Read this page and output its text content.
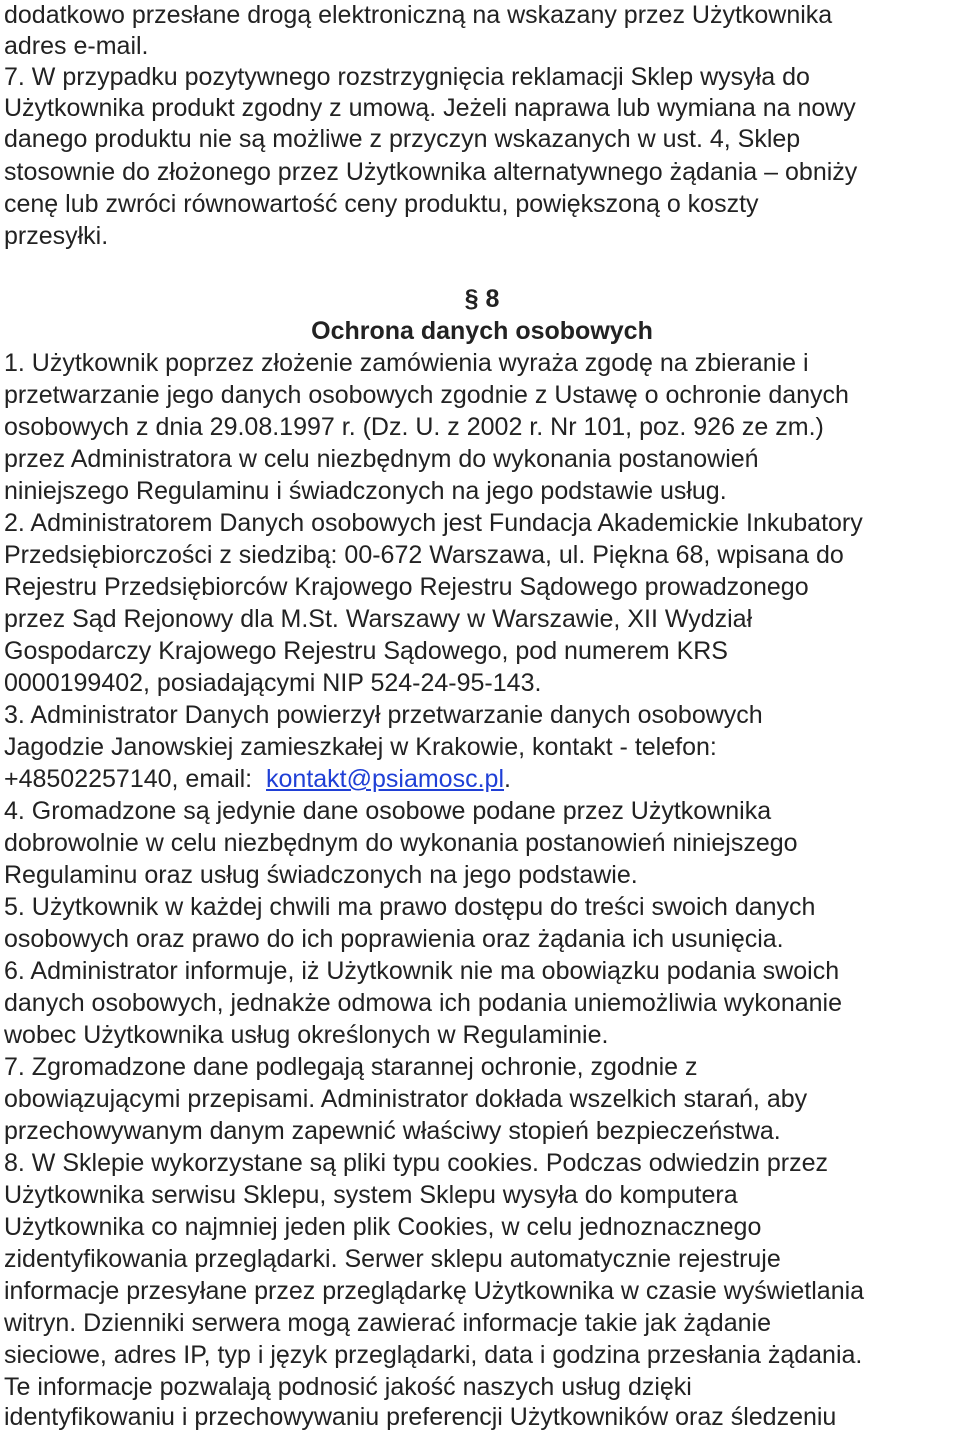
dodatkowo przesłane drogą elektroniczną na wskazany przez Użytkownika
adres e-mail.
7. W przypadku pozytywnego rozstrzygnięcia reklamacji Sklep wysyła do
Użytkownika produkt zgodny z umową. Jeżeli naprawa lub wymiana na nowy
danego produktu nie są możliwe z przyczyn wskazanych w ust. 4, Sklep
stosownie do złożonego przez Użytkownika alternatywnego żądania – obniży
cenę lub zwróci równowartość ceny produktu, powiększoną o koszty
przesyłki.
§ 8
Ochrona danych osobowych
1. Użytkownik poprzez złożenie zamówienia wyraża zgodę na zbieranie i
przetwarzanie jego danych osobowych zgodnie z Ustawę o ochronie danych
osobowych z dnia 29.08.1997 r. (Dz. U. z 2002 r. Nr 101, poz. 926 ze zm.)
przez Administratora w celu niezbędnym do wykonania postanowień
niniejszego Regulaminu i świadczonych na jego podstawie usług.
2. Administratorem Danych osobowych jest Fundacja Akademickie Inkubatory
Przedsiębiorczości z siedzibą: 00-672 Warszawa, ul. Piękna 68, wpisana do
Rejestru Przedsiębiorców Krajowego Rejestru Sądowego prowadzonego
przez Sąd Rejonowy dla M.St. Warszawy w Warszawie, XII Wydział
Gospodarczy Krajowego Rejestru Sądowego, pod numerem KRS
0000199402, posiadającymi NIP 524-24-95-143.
3. Administrator Danych powierzył przetwarzanie danych osobowych
Jagodzie Janowskiej zamieszkałej w Krakowie, kontakt - telefon:
+48502257140, email:  kontakt@psiamosc.pl.
4. Gromadzone są jedynie dane osobowe podane przez Użytkownika
dobrowolnie w celu niezbędnym do wykonania postanowień niniejszego
Regulaminu oraz usług świadczonych na jego podstawie.
5. Użytkownik w każdej chwili ma prawo dostępu do treści swoich danych
osobowych oraz prawo do ich poprawienia oraz żądania ich usunięcia.
6. Administrator informuje, iż Użytkownik nie ma obowiązku podania swoich
danych osobowych, jednakże odmowa ich podania uniemożliwia wykonanie
wobec Użytkownika usług określonych w Regulaminie.
7. Zgromadzone dane podlegają starannej ochronie, zgodnie z
obowiązującymi przepisami. Administrator dokłada wszelkich starań, aby
przechowywanym danym zapewnić właściwy stopień bezpieczeństwa.
8. W Sklepie wykorzystane są pliki typu cookies. Podczas odwiedzin przez
Użytkownika serwisu Sklepu, system Sklepu wysyła do komputera
Użytkownika co najmniej jeden plik Cookies, w celu jednoznacznego
zidentyfikowania przeglądarki. Serwer sklepu automatycznie rejestruje
informacje przesyłane przez przeglądarkę Użytkownika w czasie wyświetlania
witryn. Dzienniki serwera mogą zawierać informacje takie jak żądanie
sieciowe, adres IP, typ i język przeglądarki, data i godzina przesłania żądania.
Te informacje pozwalają podnosić jakość naszych usług dzięki
identyfikowaniu i przechowywaniu preferencji Użytkowników oraz śledzeniu
